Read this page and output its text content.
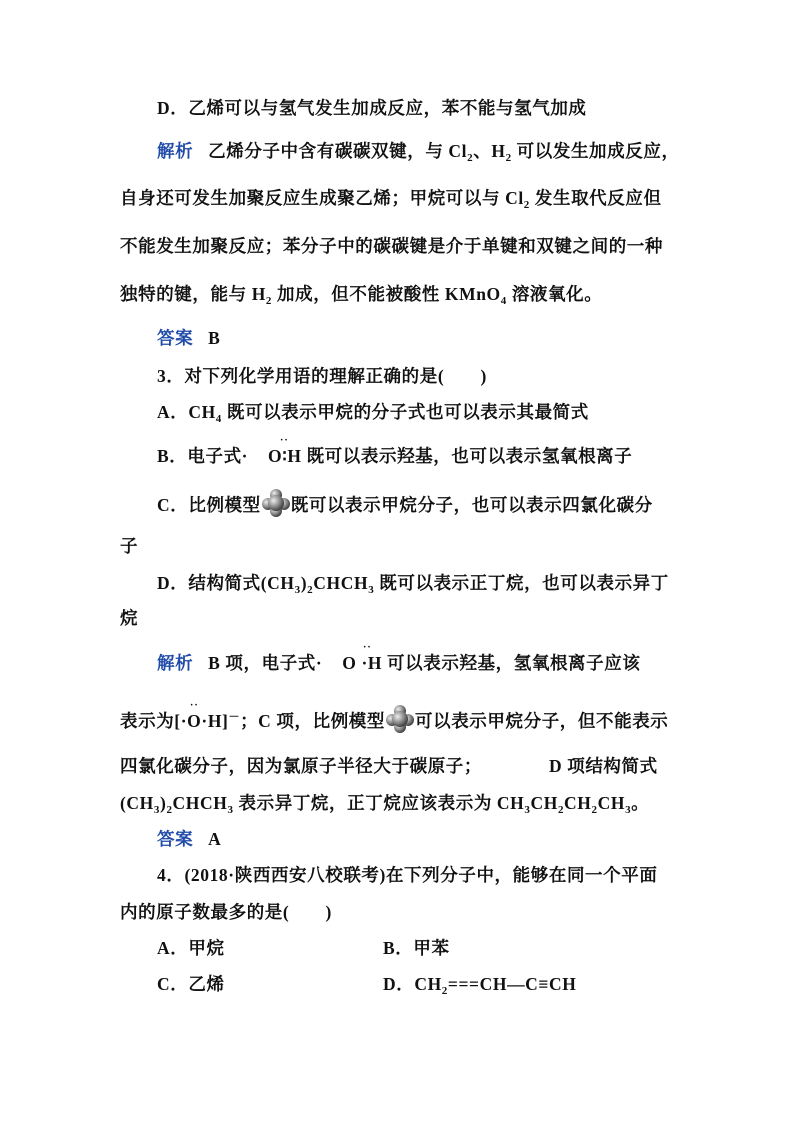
D．乙烯可以与氢气发生加成反应，苯不能与氢气加成
解析 乙烯分子中含有碳碳双键，与 $Cl_2$、$H_2$ 可以发生加成反应，
自身还可发生加聚反应生成聚乙烯；甲烷可以与 $Cl_2$ 发生取代反应但
不能发生加聚反应；苯分子中的碳碳键是介于单键和双键之间的一种
独特的键，能与 $H_2$ 加成，但不能被酸性 KMnO$_4$ 溶液氧化。
答案 B
3．对下列化学用语的理解正确的是(　　)
A．$CH_4$ 既可以表示甲烷的分子式也可以表示其最简式
··
B．电子式· O∶H 既可以表示羟基，也可以表示氢氧根离子
C．比例模型 既可以表示甲烷分子，也可以表示四氯化碳分
子
D．结构简式$(CH_3)_2CHCH_3$ 既可以表示正丁烷，也可以表示异丁
烷
··
解析 B 项，电子式· O ·H 可以表示羟基，氢氧根离子应该
··
表示为[·O·H]－；C 项，比例模型 可以表示甲烷分子，但不能表示
四氯化碳分子，因为氯原子半径大于碳原子；	D 项结构简式
$(CH_3)_2CHCH_3$ 表示异丁烷，正丁烷应该表示为 $CH_3CH_2CH_2CH_3$。
答案 A
4．(2018·陕西西安八校联考)在下列分子中，能够在同一个平面
内的原子数最多的是(　　)
A．甲烷	B．甲苯
C．乙烯	D．$CH_2===CH—C\equiv CH$
